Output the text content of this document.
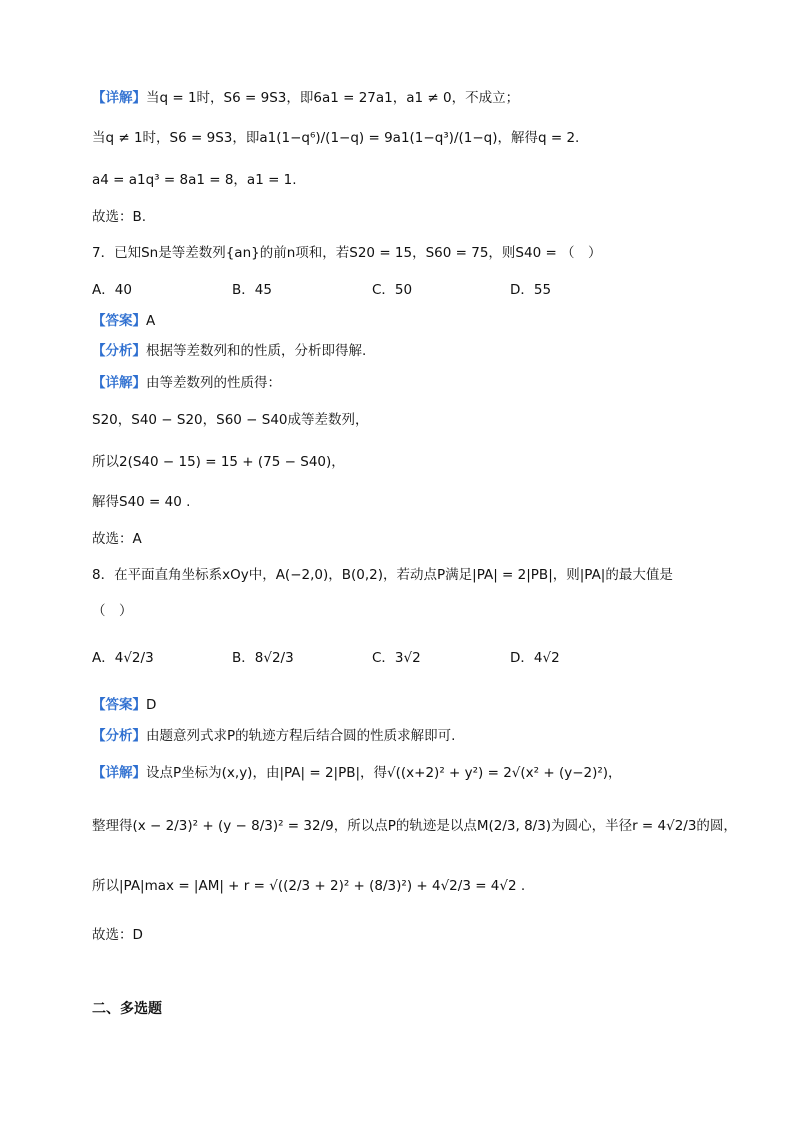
【详解】当q = 1时，S6 = 9S3，即6a1 = 27a1，a1 ≠ 0，不成立；
当q ≠ 1时，S6 = 9S3，即a1(1−q⁶)/(1−q) = 9a1(1−q³)/(1−q)，解得q = 2.
a4 = a1q³ = 8a1 = 8，a1 = 1.
故选：B.
7．已知Sn是等差数列{an}的前n项和，若S20 = 15，S60 = 75，则S40 = （　）
A．40	B．45	C．50	D．55
【答案】A
【分析】根据等差数列和的性质，分析即得解.
【详解】由等差数列的性质得：
S20，S40 − S20，S60 − S40成等差数列，
所以2(S40 − 15) = 15 + (75 − S40)，
解得S40 = 40 .
故选：A
8．在平面直角坐标系xOy中，A(−2,0)，B(0,2)，若动点P满足|PA| = 2|PB|，则|PA|的最大值是
（　）
A．4√2/3	B．8√2/3	C．3√2	D．4√2
【答案】D
【分析】由题意列式求P的轨迹方程后结合圆的性质求解即可.
【详解】设点P坐标为(x,y)，由|PA| = 2|PB|，得√((x+2)² + y²) = 2√(x² + (y−2)²)，
整理得(x − 2/3)² + (y − 8/3)² = 32/9，所以点P的轨迹是以点M(2/3, 8/3)为圆心，半径r = 4√2/3的圆，
所以|PA|max = |AM| + r = √((2/3 + 2)² + (8/3)²) + 4√2/3 = 4√2 .
故选：D
二、多选题
